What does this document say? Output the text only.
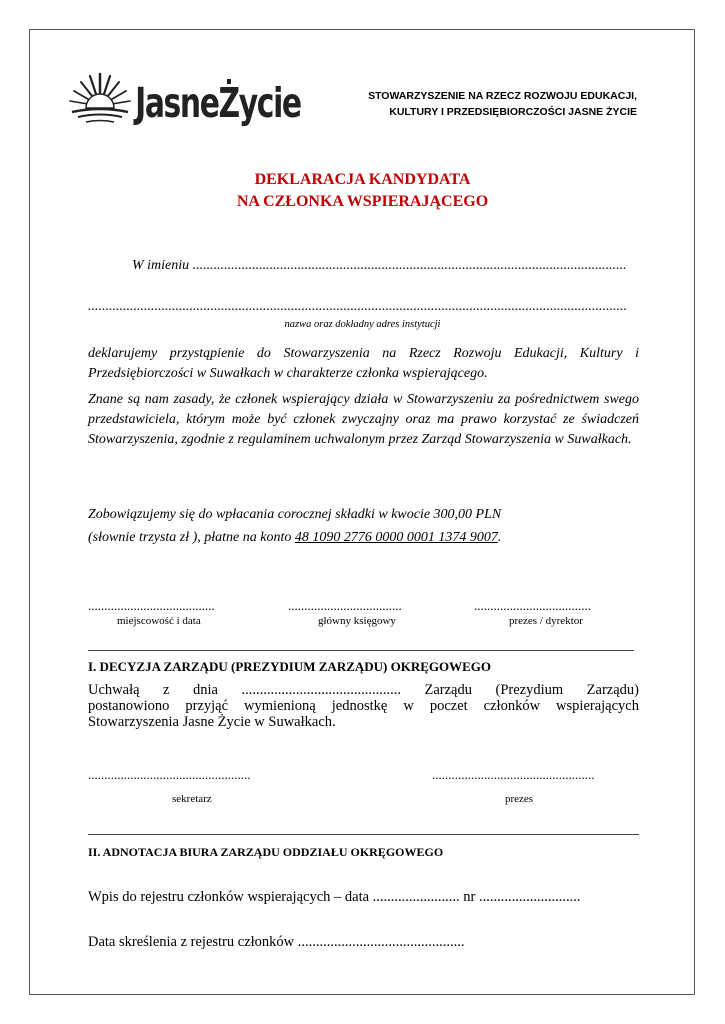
JasneŻycie	STOWARZYSZENIE NA RZECZ ROZWOJU EDUKACJI,
KULTURY I PRZEDSIĘBIORCZOŚCI JASNE ŻYCIE
DEKLARACJA KANDYDATA
NA CZŁONKA WSPIERAJĄCEGO
W imieniu ............................................................................................................................
..........................................................................................................................................................
nazwa oraz dokładny adres instytucji
deklarujemy przystąpienie do Stowarzyszenia na Rzecz Rozwoju Edukacji, Kultury i Przedsiębiorczości w Suwałkach w charakterze członka wspierającego.
Znane są nam zasady, że członek wspierający działa w Stowarzyszeniu za pośrednictwem swego przedstawiciela, którym może być członek zwyczajny oraz ma prawo korzystać ze świadczeń Stowarzyszenia, zgodnie z regulaminem uchwalonym przez Zarząd Stowarzyszenia w Suwałkach.
Zobowiązujemy się do wpłacania corocznej składki w kwocie 300,00 PLN
(słownie trzysta zł ), płatne na konto 48 1090 2776 0000 0001 1374 9007.
.......................................	...................................	....................................
miejscowość i data	główny księgowy	prezes / dyrektor
I. DECYZJA ZARZĄDU (PREZYDIUM ZARZĄDU) OKRĘGOWEGO
Uchwałą z dnia ............................................ Zarządu (Prezydium Zarządu)
postanowiono przyjąć wymienioną jednostkę w poczet członków wspierających
Stowarzyszenia Jasne Życie w Suwałkach.
..................................................	..................................................
sekretarz	prezes
II. ADNOTACJA BIURA ZARZĄDU ODDZIAŁU OKRĘGOWEGO
Wpis do rejestru członków wspierających – data ........................ nr ............................
Data skreślenia z rejestru członków ..............................................
